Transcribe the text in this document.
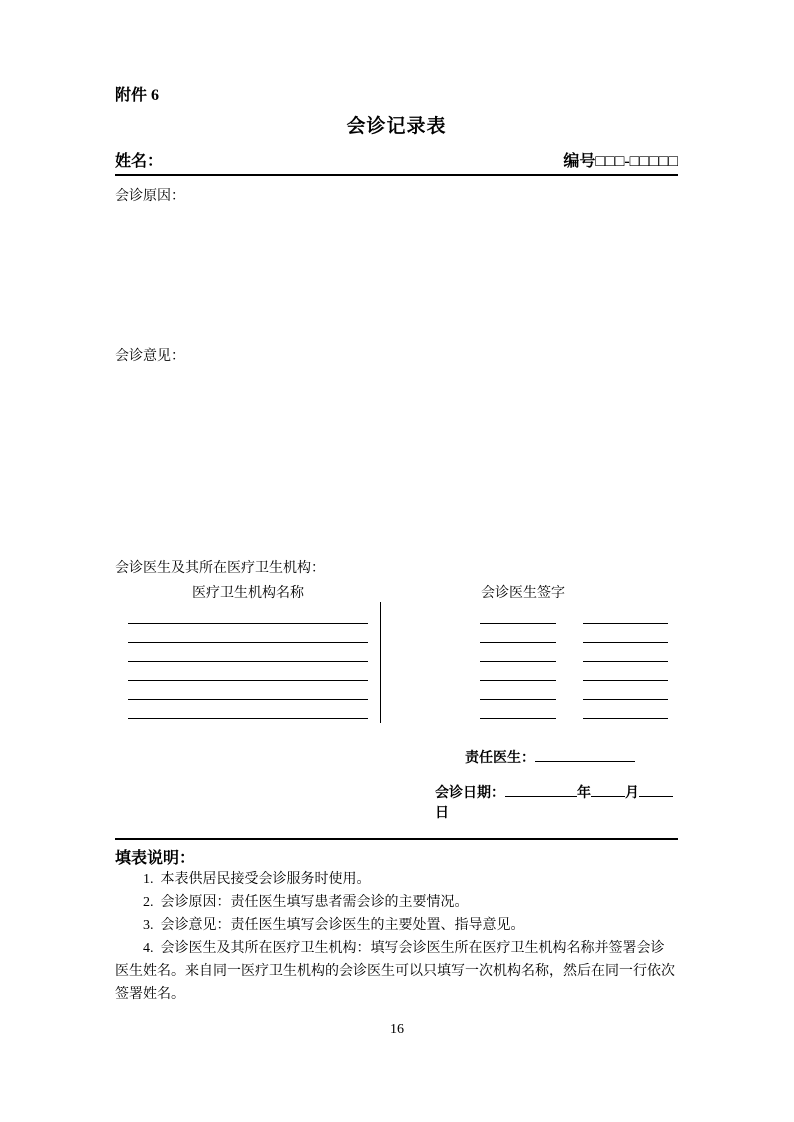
附件 6
会诊记录表
姓名：	编号□□□-□□□□□
会诊原因：
会诊意见：
会诊医生及其所在医疗卫生机构：
医疗卫生机构名称	会诊医生签字
责任医生：
会诊日期：	年 月日
填表说明：

1.  本表供居民接受会诊服务时使用。

2.  会诊原因：责任医生填写患者需会诊的主要情况。

3.  会诊意见：责任医生填写会诊医生的主要处置、指导意见。

4.  会诊医生及其所在医疗卫生机构：填写会诊医生所在医疗卫生机构名称并签署会诊医生姓名。来自同一医疗卫生机构的会诊医生可以只填写一次机构名称，然后在同一行依次签署姓名。

16
